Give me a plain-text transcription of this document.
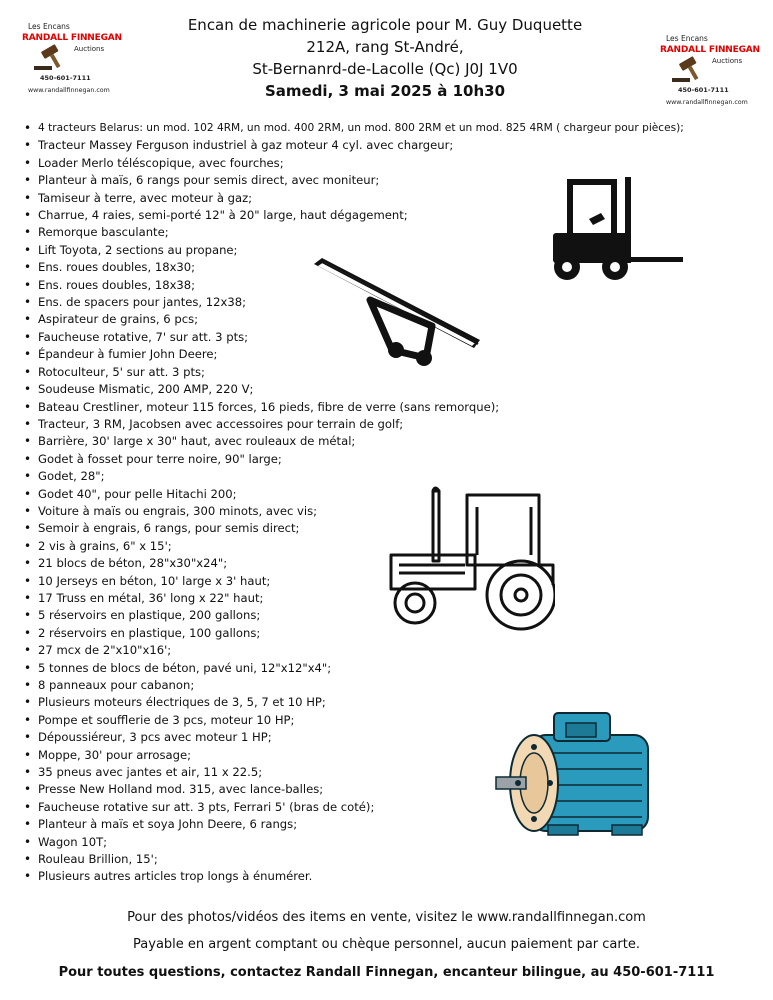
Les Encans
RANDALL FINNEGAN
Auctions
450-601-7111
www.randallfinnegan.com
Les Encans
RANDALL FINNEGAN
Auctions
450-601-7111
www.randallfinnegan.com
Encan de machinerie agricole pour M. Guy Duquette
212A, rang St-André,
St-Bernanrd-de-Lacolle (Qc) J0J 1V0
Samedi, 3 mai 2025 à 10h30
• 4 tracteurs Belarus: un mod. 102 4RM, un mod. 400 2RM, un mod. 800 2RM et un mod. 825 4RM ( chargeur pour pièces);
• Tracteur Massey Ferguson industriel à gaz moteur 4 cyl. avec chargeur;
• Loader Merlo téléscopique, avec fourches;
• Planteur à maïs, 6 rangs pour semis direct, avec moniteur;
• Tamiseur à terre, avec moteur à gaz;
• Charrue, 4 raies, semi-porté 12" à 20" large, haut dégagement;
• Remorque basculante;
• Lift Toyota, 2 sections au propane;
• Ens. roues doubles, 18x30;
• Ens. roues doubles, 18x38;
• Ens. de spacers pour jantes, 12x38;
• Aspirateur de grains, 6 pcs;
• Faucheuse rotative, 7' sur att. 3 pts;
• Épandeur à fumier John Deere;
• Rotoculteur, 5' sur att. 3 pts;
• Soudeuse Mismatic, 200 AMP, 220 V;
• Bateau Crestliner, moteur 115 forces, 16 pieds, fibre de verre (sans remorque);
• Tracteur, 3 RM, Jacobsen avec accessoires pour terrain de golf;
• Barrière, 30' large x 30" haut, avec rouleaux de métal;
• Godet à fosset pour terre noire, 90" large;
• Godet, 28";
• Godet 40", pour pelle Hitachi 200;
• Voiture à maïs ou engrais, 300 minots, avec vis;
• Semoir à engrais, 6 rangs, pour semis direct;
• 2 vis à grains, 6" x 15';
• 21 blocs de béton, 28"x30"x24";
• 10 Jerseys en béton, 10' large x 3' haut;
• 17 Truss en métal, 36' long x 22" haut;
• 5 réservoirs en plastique, 200 gallons;
• 2 réservoirs en plastique, 100 gallons;
• 27 mcx de 2"x10"x16';
• 5 tonnes de blocs de béton, pavé uni, 12"x12"x4";
• 8 panneaux pour cabanon;
• Plusieurs moteurs électriques de 3, 5, 7 et 10 HP;
• Pompe et soufflerie de 3 pcs, moteur 10 HP;
• Dépoussiéreur, 3 pcs avec moteur 1 HP;
• Moppe, 30' pour arrosage;
• 35 pneus avec jantes et air, 11 x 22.5;
• Presse New Holland mod. 315, avec lance-balles;
• Faucheuse rotative sur att. 3 pts, Ferrari 5' (bras de coté);
• Planteur à maïs et soya John Deere, 6 rangs;
• Wagon 10T;
• Rouleau Brillion, 15';
• Plusieurs autres articles trop longs à énumérer.
Pour des photos/vidéos des items en vente, visitez le www.randallfinnegan.com
Payable en argent comptant ou chèque personnel, aucun paiement par carte.
Pour toutes questions, contactez Randall Finnegan, encanteur bilingue, au 450-601-7111
